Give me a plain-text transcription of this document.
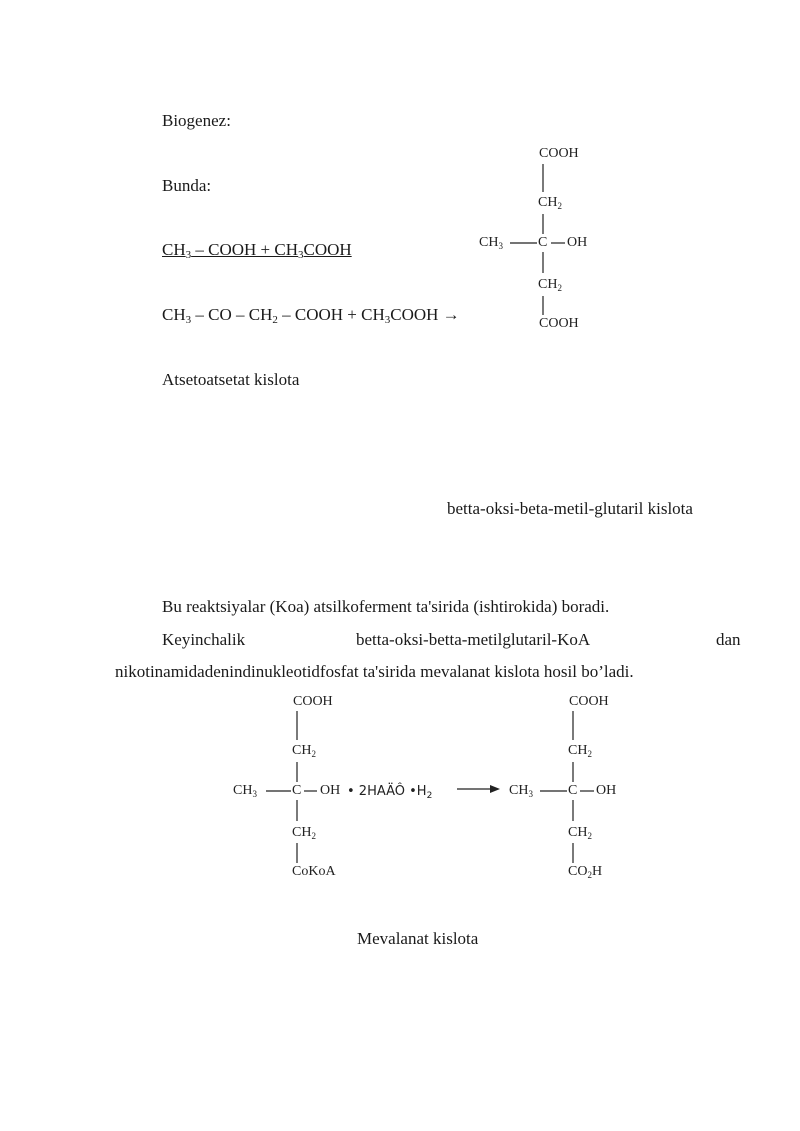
Biogenez:
Bunda:
$CH_3$ – COOH + $CH_3COOH$
$CH_3$ – CO – $CH_2$ – COOH + $CH_3COOH$ →
Atsetoatsetat kislota
betta-oksi-beta-metil-glutaril kislota
Bu reaktsiyalar (Koa) atsilkoferment ta'sirida (ishtirokida) boradi.
Keyinchalik	betta-oksi-betta-metilglutaril-KoA	dan
nikotinamidadenindinukleotidfosfat ta'sirida mevalanat kislota hosil bo’ladi.
Mevalanat kislota
COOH
$CH_2$
$CH_3$	C OH
$CH_2$
COOH
COOH
$CH_2$
$CH_3$	C OH • 2HAÄÔ $•H_2$
$CH_2$
CoKoA
COOH
$CH_2$
$CH_3$	C OH
$CH_2$
$CO_2H$
